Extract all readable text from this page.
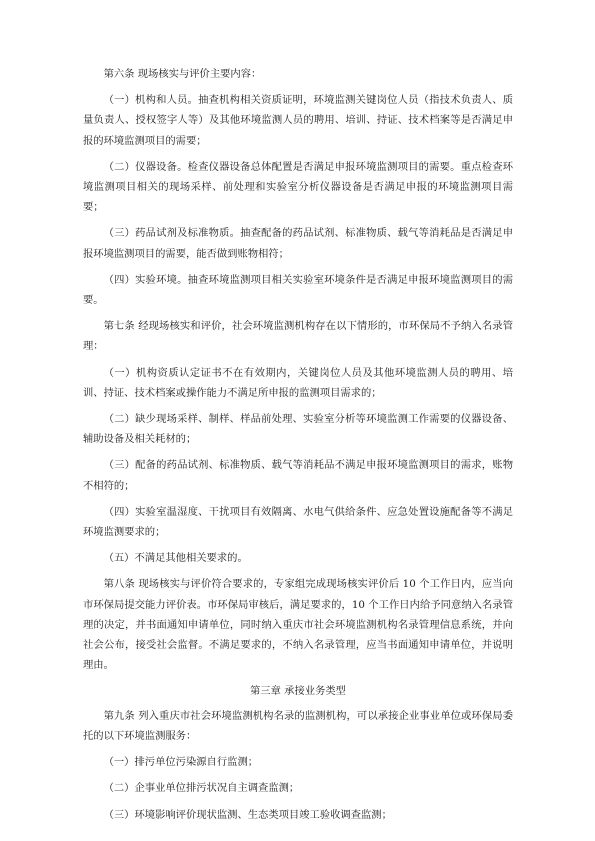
第六条 现场核实与评价主要内容：

（一）机构和人员。抽查机构相关资质证明，环境监测关键岗位人员（指技术负责人、质量负责人、授权签字人等）及其他环境监测人员的聘用、培训、持证、技术档案等是否满足申报的环境监测项目的需要；

（二）仪器设备。检查仪器设备总体配置是否满足申报环境监测项目的需要。重点检查环境监测项目相关的现场采样、前处理和实验室分析仪器设备是否满足申报的环境监测项目需要；

（三）药品试剂及标准物质。抽查配备的药品试剂、标准物质、载气等消耗品是否满足申报环境监测项目的需要，能否做到账物相符；

（四）实验环境。抽查环境监测项目相关实验室环境条件是否满足申报环境监测项目的需要。

第七条 经现场核实和评价，社会环境监测机构存在以下情形的，市环保局不予纳入名录管理：

（一）机构资质认定证书不在有效期内，关键岗位人员及其他环境监测人员的聘用、培训、持证、技术档案或操作能力不满足所申报的监测项目需求的；

（二）缺少现场采样、制样、样品前处理、实验室分析等环境监测工作需要的仪器设备、辅助设备及相关耗材的；

（三）配备的药品试剂、标准物质、载气等消耗品不满足申报环境监测项目的需求，账物不相符的；

（四）实验室温湿度、干扰项目有效隔离、水电气供给条件、应急处置设施配备等不满足环境监测要求的；

（五）不满足其他相关要求的。

第八条 现场核实与评价符合要求的，专家组完成现场核实评价后 10 个工作日内，应当向市环保局提交能力评价表。市环保局审核后，满足要求的，10 个工作日内给予同意纳入名录管理的决定，并书面通知申请单位，同时纳入重庆市社会环境监测机构名录管理信息系统，并向社会公布，接受社会监督。不满足要求的，不纳入名录管理，应当书面通知申请单位，并说明理由。

第三章 承接业务类型

第九条 列入重庆市社会环境监测机构名录的监测机构，可以承接企业事业单位或环保局委托的以下环境监测服务：

（一）排污单位污染源自行监测；

（二）企事业单位排污状况自主调查监测；

（三）环境影响评价现状监测、生态类项目竣工验收调查监测；
